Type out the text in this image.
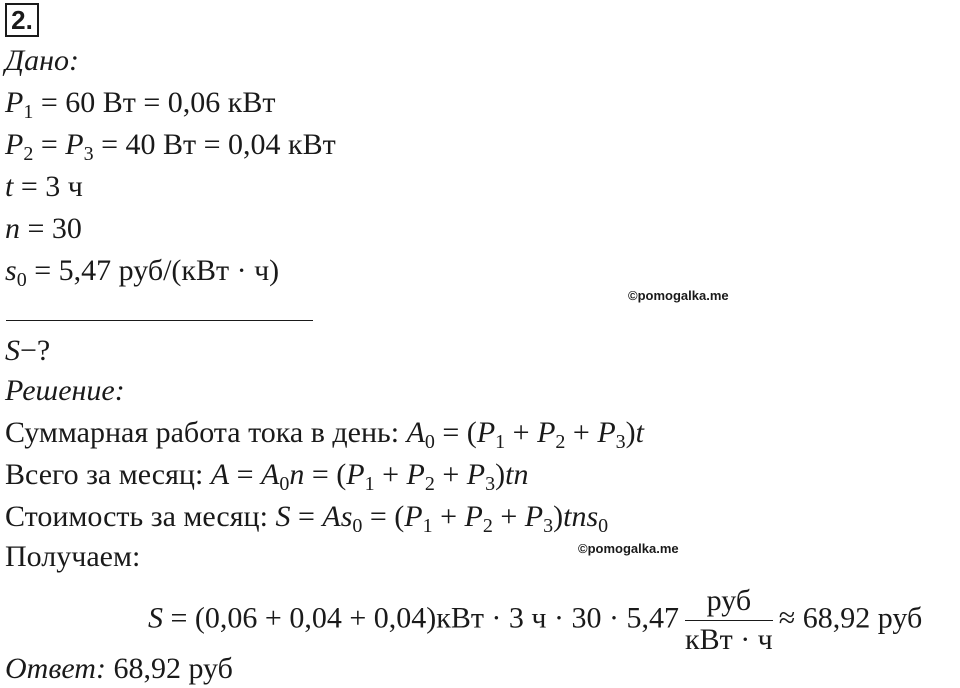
2.
Дано:
$P_1 = 60$ Вт = 0,06 кВт
$P_2 = P_3 = 40$ Вт = 0,04 кВт
t = 3 ч
n = 30
$s_0 = 5,47$ руб/(кВт · ч)
©pomogalka.me
S−?
Решение:
Суммарная работа тока в день: $A_0 = (P_1 + P_2 + P_3)t$
Всего за месяц: $A = A_0n = (P_1 + P_2 + P_3)tn$
Стоимость за месяц: $S = As_0 = (P_1 + P_2 + P_3)tns_0$
Получаем:	©pomogalka.me
S = (0,06 + 0,04 + 0,04)кВт · 3 $ч \cdot 30 \cdot 5,47 \frac{\text{руб}}{\text{кВт · ч}} \approx 68,92$ руб
Ответ: 68,92 руб
